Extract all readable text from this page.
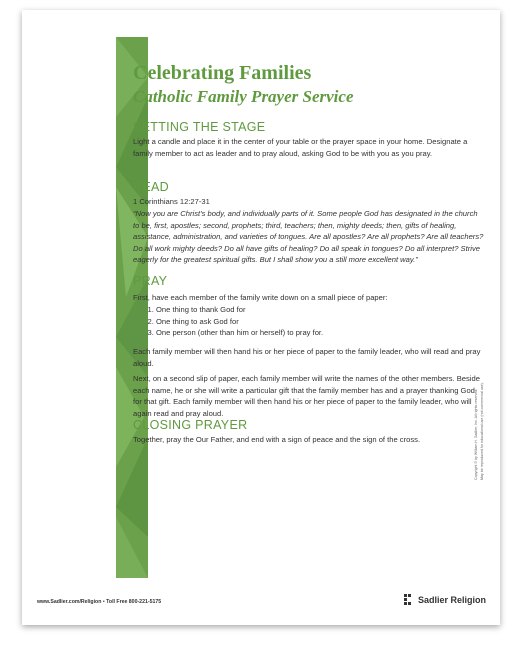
Celebrating Families
Catholic Family Prayer Service
SETTING THE STAGE
Light a candle and place it in the center of your table or the prayer space in your home. Designate a family member to act as leader and to pray aloud, asking God to be with you as you pray.
READ
1 Corinthians 12:27-31
“Now you are Christ’s body, and individually parts of it. Some people God has designated in the church to be, first, apostles; second, prophets; third, teachers; then, mighty deeds; then, gifts of healing, assistance, administration, and varieties of tongues. Are all apostles? Are all prophets? Are all teachers? Do all work mighty deeds? Do all have gifts of healing? Do all speak in tongues? Do all interpret? Strive eagerly for the greatest spiritual gifts. But I shall show you a still more excellent way.”
PRAY
First, have each member of the family write down on a small piece of paper:
1. One thing to thank God for
2. One thing to ask God for
3. One person (other than him or herself) to pray for.
Each family member will then hand his or her piece of paper to the family leader, who will read and pray aloud.
Next, on a second slip of paper, each family member will write the names of the other members. Beside each name, he or she will write a particular gift that the family member has and a prayer thanking God for that gift. Each family member will then hand his or her piece of paper to the family leader, who will again read and pray aloud.
CLOSING PRAYER
Together, pray the Our Father, and end with a sign of peace and the sign of the cross.
www.Sadlier.com/Religion • Toll Free 800-221-5175	Sadlier Religion
Copyright © by William H. Sadlier, Inc. All rights reserved. May be reproduced for educational use (not commercial use).
